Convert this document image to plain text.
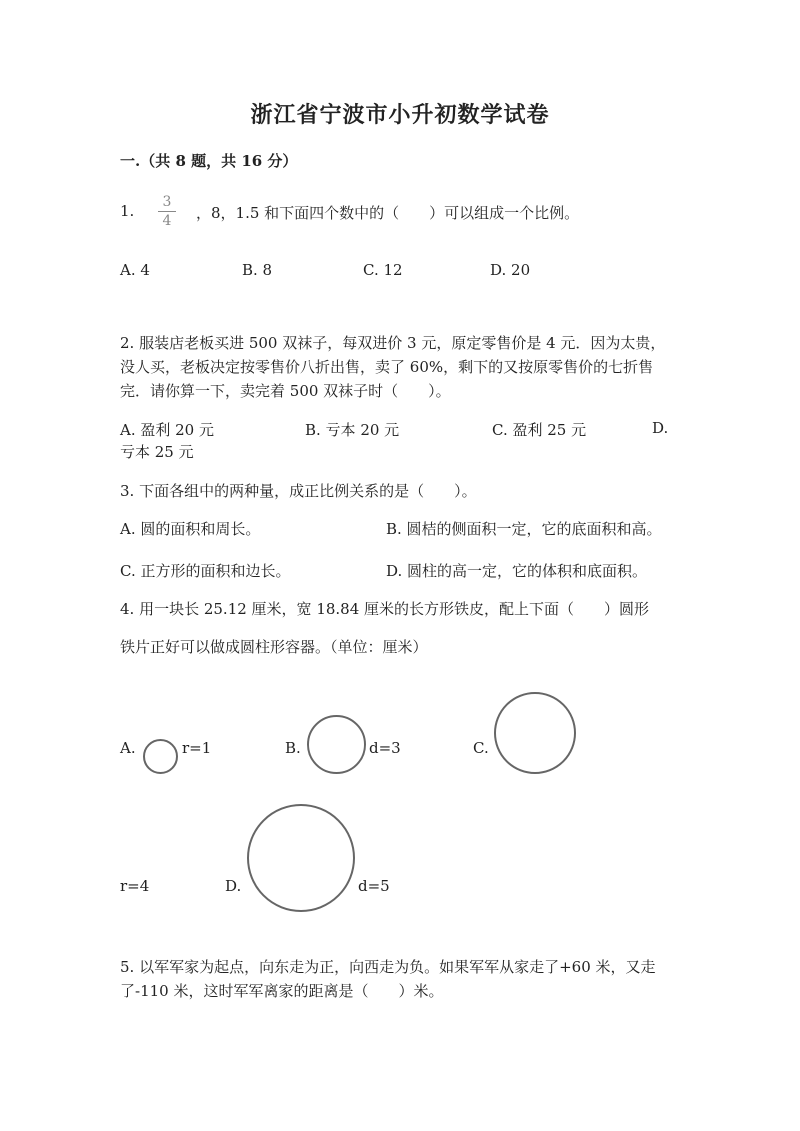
浙江省宁波市小升初数学试卷
一.（共 8 题，共 16 分）
1.	3
4	，8，1.5 和下面四个数中的（　　）可以组成一个比例。
A. 4	B. 8	C. 12	D. 20
2. 服装店老板买进 500 双袜子，每双进价 3 元，原定零售价是 4 元．因为太贵，没人买，老板决定按零售价八折出售，卖了 60%，剩下的又按原零售价的七折售完．请你算一下，卖完着 500 双袜子时（　　）。
A. 盈利 20 元	B. 亏本 20 元	C. 盈利 25 元	D.
亏本 25 元
3. 下面各组中的两种量，成正比例关系的是（　　）。
A. 圆的面积和周长。	B. 圆桔的侧面积一定，它的底面积和高。
C. 正方形的面积和边长。	D. 圆柱的高一定，它的体积和底面积。
4. 用一块长 25.12 厘米，宽 18.84 厘米的长方形铁皮，配上下面（　　）圆形
铁片正好可以做成圆柱形容器。（单位：厘米）
A.	r=1	B.	d=3	C.
r=4	D.	d=5
5. 以军军家为起点，向东走为正，向西走为负。如果军军从家走了+60 米，又走了-110 米，这时军军离家的距离是（　　）米。
